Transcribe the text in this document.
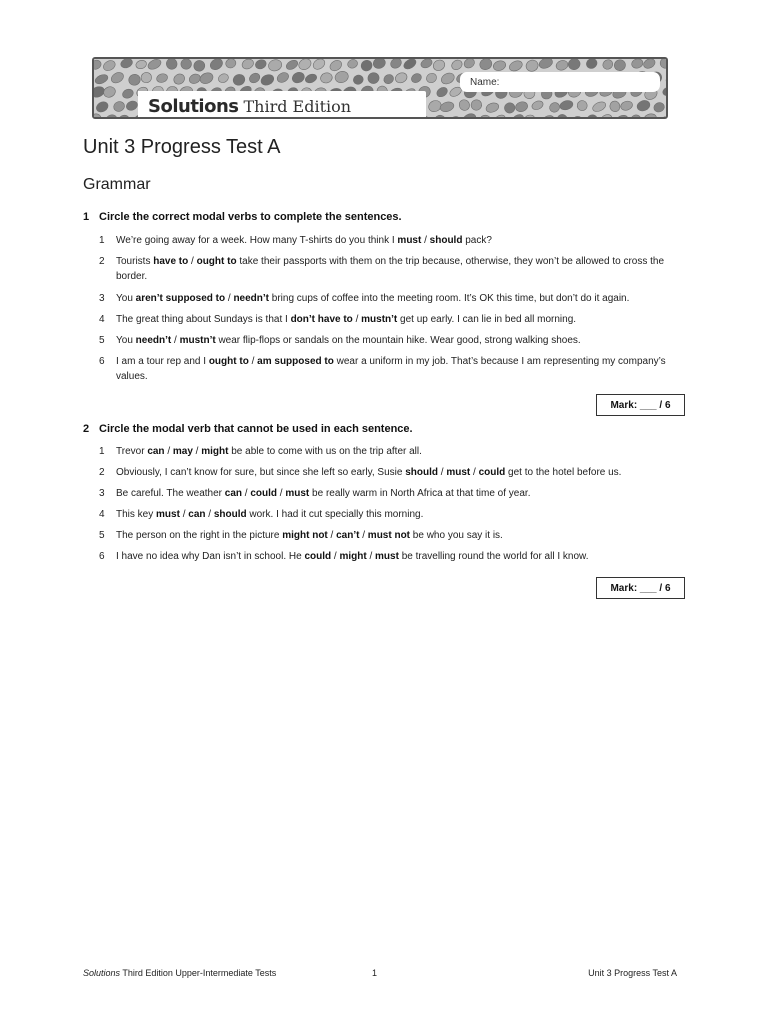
Name:
Solutions Third Edition
Unit 3 Progress Test A
Grammar

1 Circle the correct modal verbs to complete the sentences.

1 We’re going away for a week. How many T-shirts do you think I must / should pack?
2 Tourists have to / ought to take their passports with them on the trip because, otherwise, they won’t be allowed to cross the border.
3 You aren’t supposed to / needn’t bring cups of coffee into the meeting room. It’s OK this time, but don’t do it again.
4 The great thing about Sundays is that I don’t have to / mustn’t get up early. I can lie in bed all morning.
5 You needn’t / mustn’t wear flip-flops or sandals on the mountain hike. Wear good, strong walking shoes.
6 I am a tour rep and I ought to / am supposed to wear a uniform in my job. That’s because I am representing my company’s values.
Mark: ___ / 6

2 Circle the modal verb that cannot be used in each sentence.

1 Trevor can / may / might be able to come with us on the trip after all.
2 Obviously, I can’t know for sure, but since she left so early, Susie should / must / could get to the hotel before us.
3 Be careful. The weather can / could / must be really warm in North Africa at that time of year.
4 This key must / can / should work. I had it cut specially this morning.
5 The person on the right in the picture might not / can’t / must not be who you say it is.
6 I have no idea why Dan isn’t in school. He could / might / must be travelling round the world for all I know.
Mark: ___ / 6
Solutions Third Edition Upper-Intermediate Tests	1	Unit 3 Progress Test A
